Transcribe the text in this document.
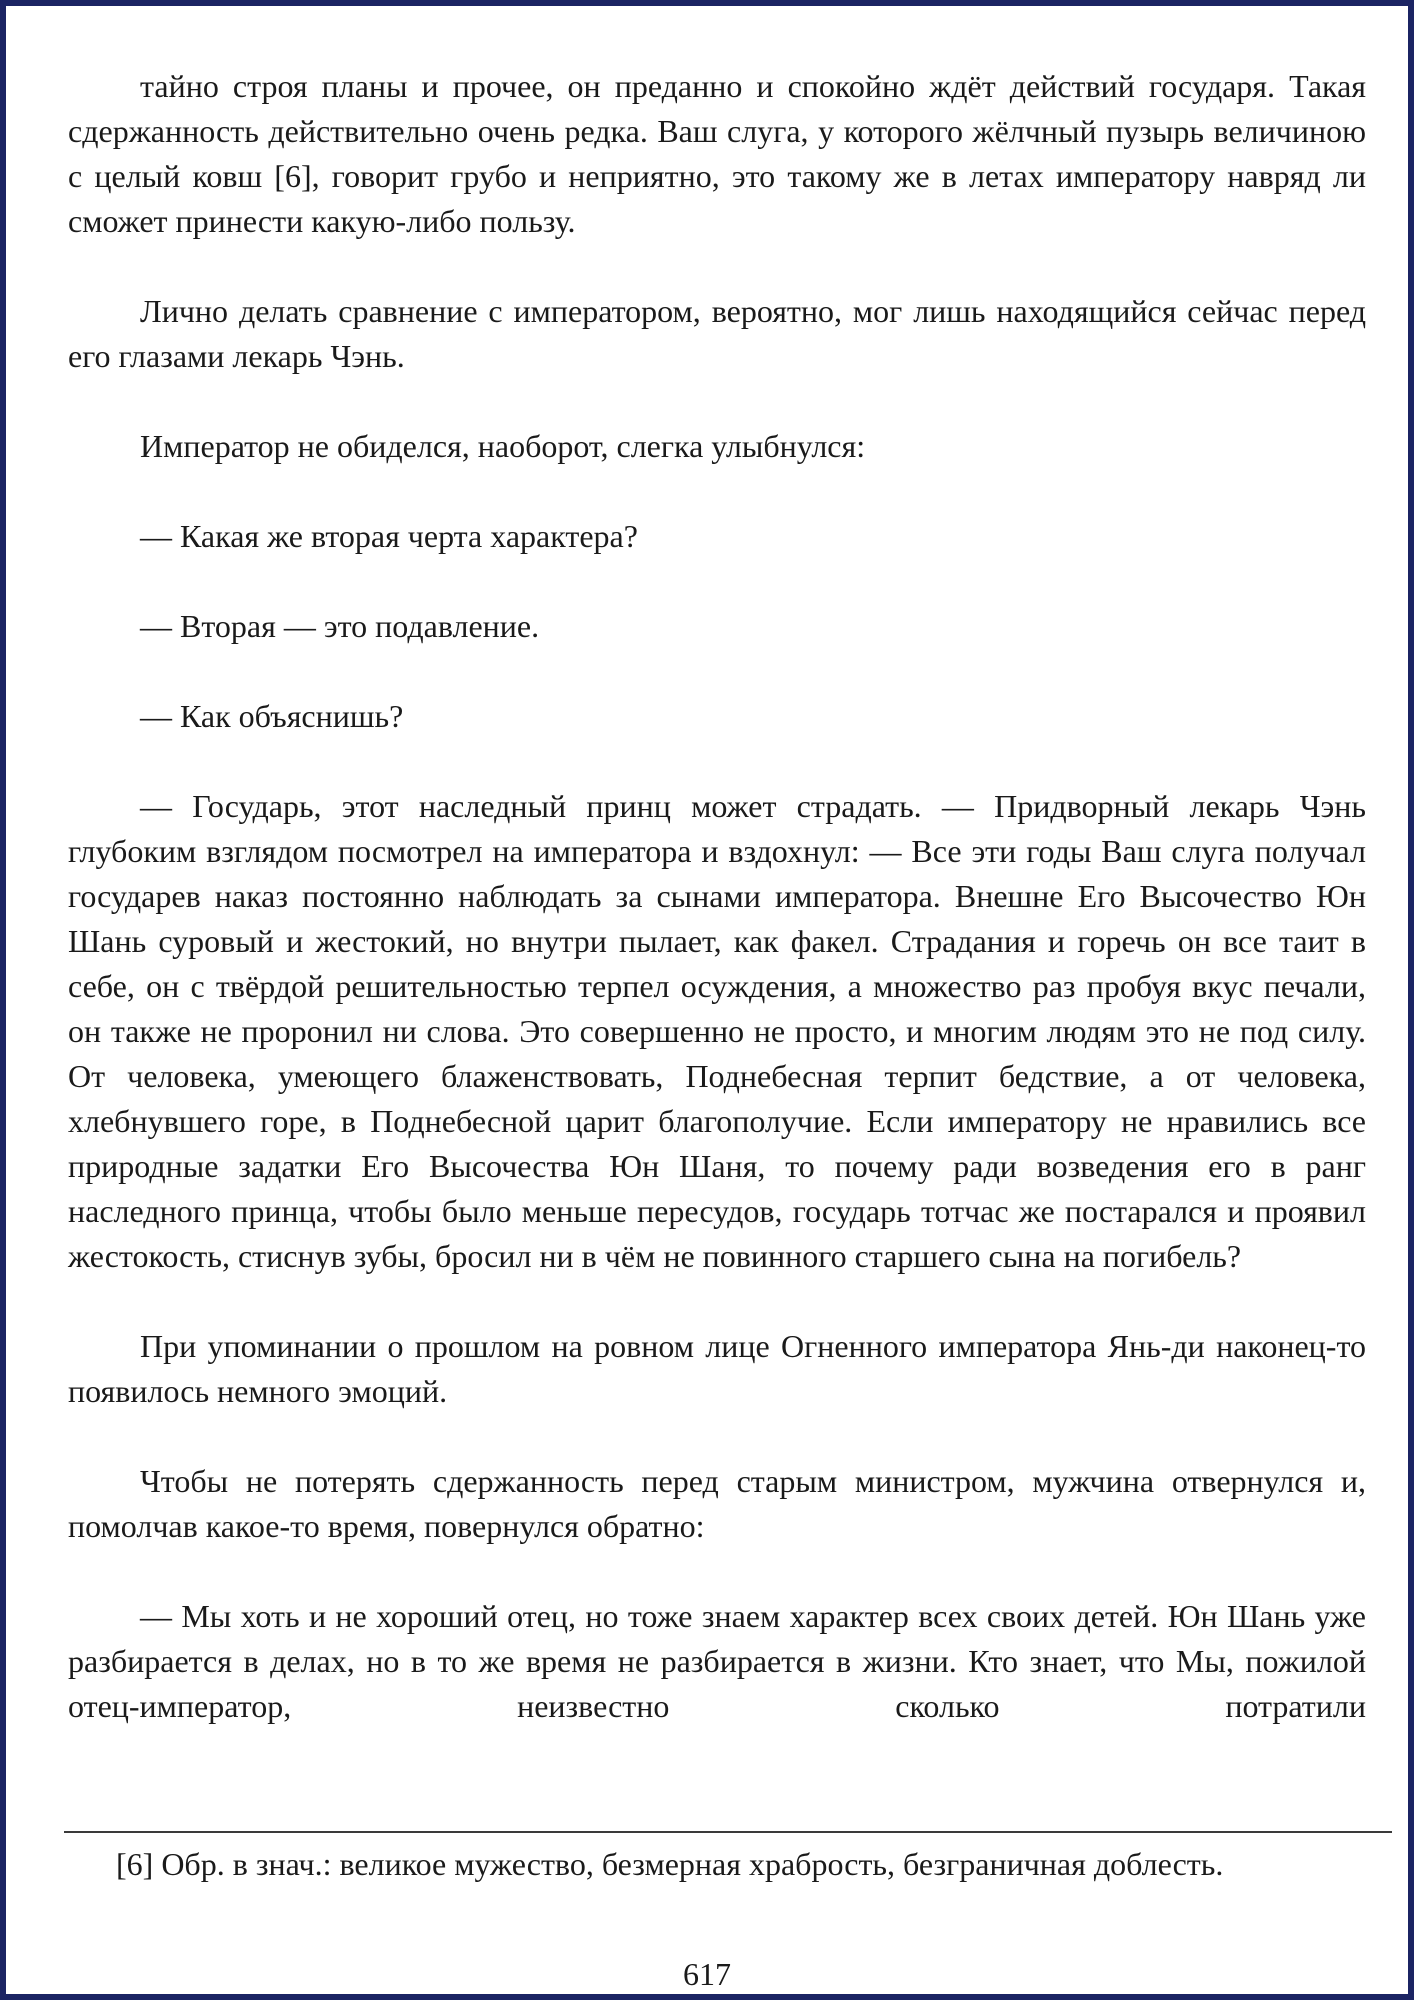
тайно строя планы и прочее, он преданно и спокойно ждёт действий государя. Такая сдержанность действительно очень редка. Ваш слуга, у которого жёлчный пузырь величиною с целый ковш [6], говорит грубо и неприятно, это такому же в летах императору навряд ли сможет принести какую-либо пользу.

Лично делать сравнение с императором, вероятно, мог лишь находящийся сейчас перед его глазами лекарь Чэнь.

Император не обиделся, наоборот, слегка улыбнулся:

— Какая же вторая черта характера?

— Вторая — это подавление.

— Как объяснишь?

— Государь, этот наследный принц может страдать. — Придворный лекарь Чэнь глубоким взглядом посмотрел на императора и вздохнул: — Все эти годы Ваш слуга получал государев наказ постоянно наблюдать за сынами императора. Внешне Его Высочество Юн Шань суровый и жестокий, но внутри пылает, как факел. Страдания и горечь он все таит в себе, он с твёрдой решительностью терпел осуждения, а множество раз пробуя вкус печали, он также не проронил ни слова. Это совершенно не просто, и многим людям это не под силу. От человека, умеющего блаженствовать, Поднебесная терпит бедствие, а от человека, хлебнувшего горе, в Поднебесной царит благополучие. Если императору не нравились все природные задатки Его Высочества Юн Шаня, то почему ради возведения его в ранг наследного принца, чтобы было меньше пересудов, государь тотчас же постарался и проявил жестокость, стиснув зубы, бросил ни в чём не повинного старшего сына на погибель?

При упоминании о прошлом на ровном лице Огненного императора Янь-ди наконец-то появилось немного эмоций.

Чтобы не потерять сдержанность перед старым министром, мужчина отвернулся и, помолчав какое-то время, повернулся обратно:

— Мы хоть и не хороший отец, но тоже знаем характер всех своих детей. Юн Шань уже разбирается в делах, но в то же время не разбирается в жизни. Кто знает, что Мы, пожилой отец-император, неизвестно сколько потратили

[6] Обр. в знач.: великое мужество, безмерная храбрость, безграничная доблесть.

617
